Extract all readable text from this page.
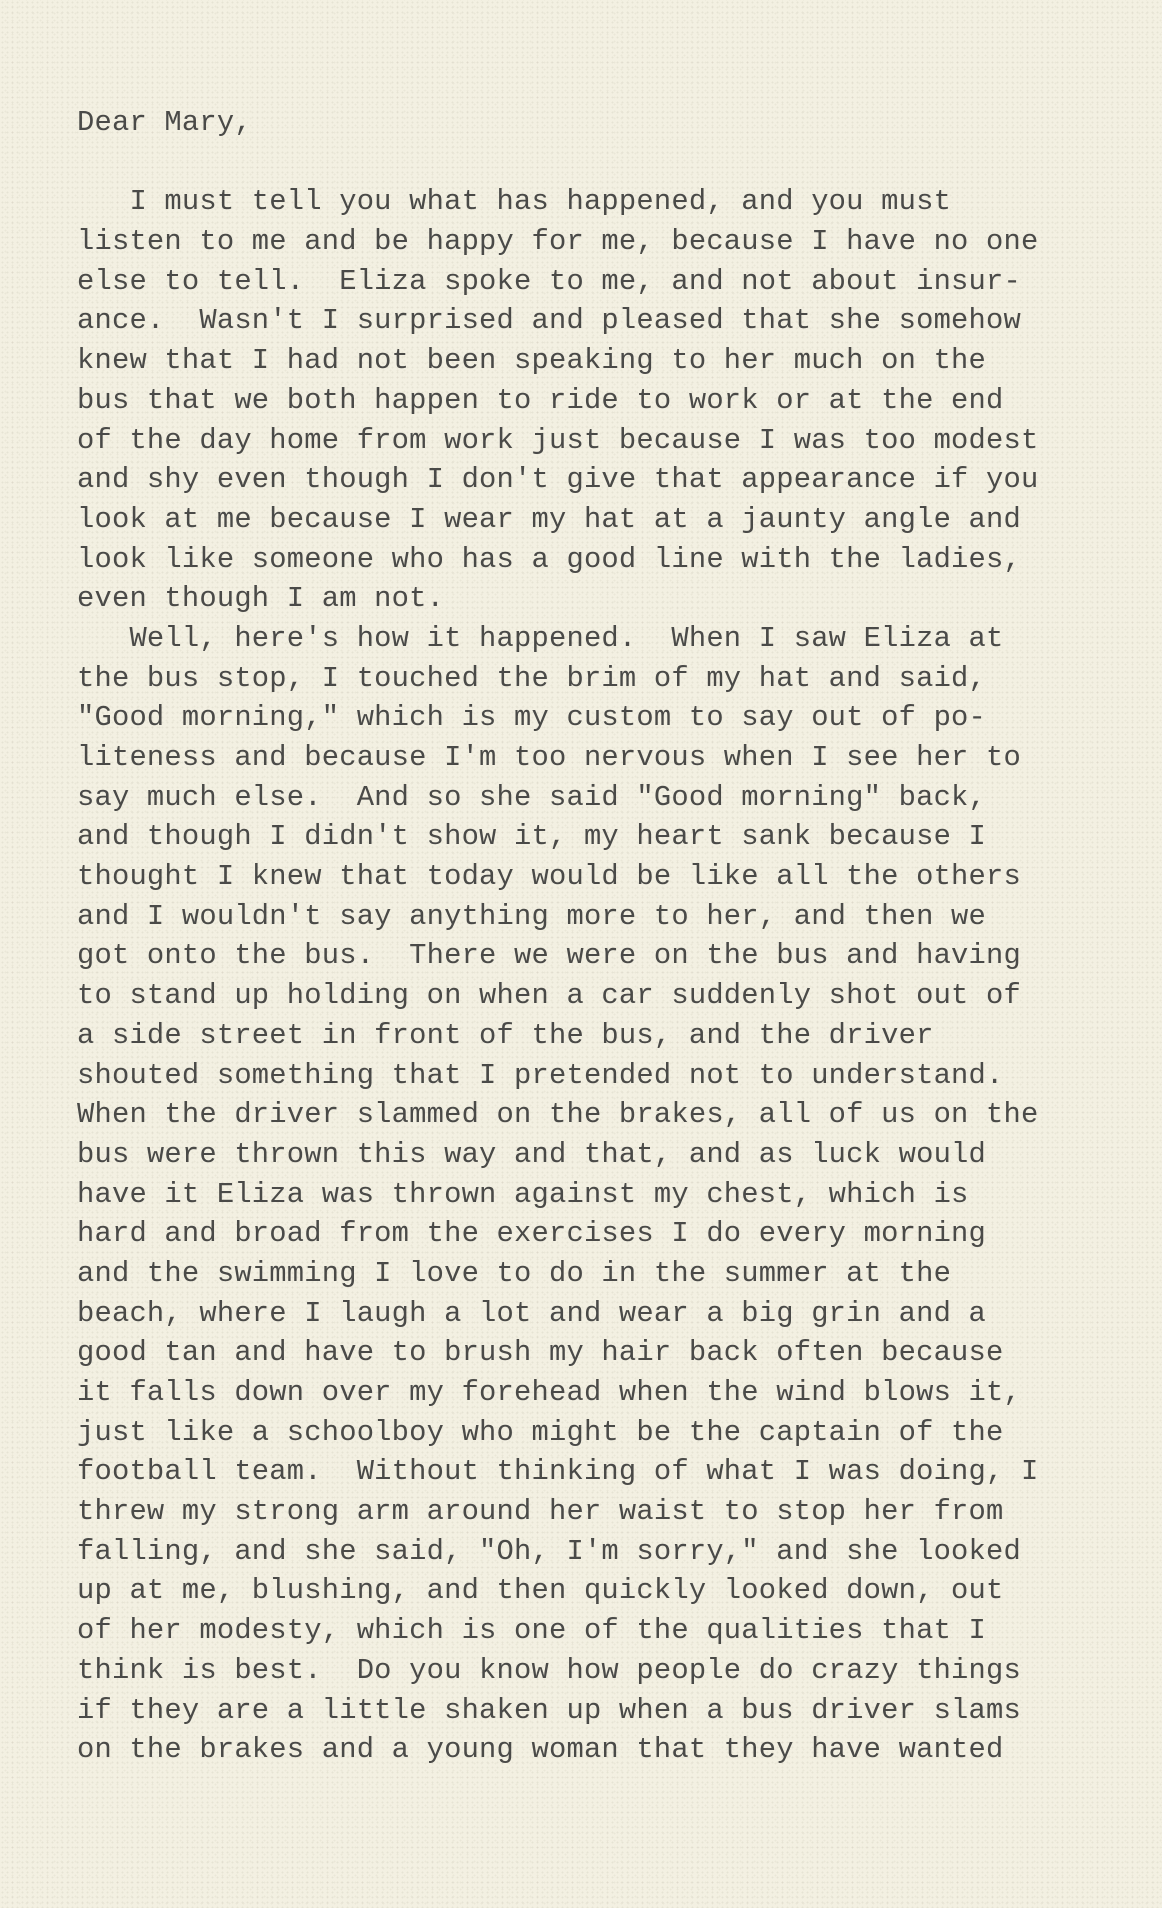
Dear Mary,
I must tell you what has happened, and you must
listen to me and be happy for me, because I have no one
else to tell.  Eliza spoke to me, and not about insur-
ance.  Wasn't I surprised and pleased that she somehow
knew that I had not been speaking to her much on the
bus that we both happen to ride to work or at the end
of the day home from work just because I was too modest
and shy even though I don't give that appearance if you
look at me because I wear my hat at a jaunty angle and
look like someone who has a good line with the ladies,
even though I am not.
Well, here's how it happened.  When I saw Eliza at
the bus stop, I touched the brim of my hat and said,
"Good morning," which is my custom to say out of po-
liteness and because I'm too nervous when I see her to
say much else.  And so she said "Good morning" back,
and though I didn't show it, my heart sank because I
thought I knew that today would be like all the others
and I wouldn't say anything more to her, and then we
got onto the bus.  There we were on the bus and having
to stand up holding on when a car suddenly shot out of
a side street in front of the bus, and the driver
shouted something that I pretended not to understand.
When the driver slammed on the brakes, all of us on the
bus were thrown this way and that, and as luck would
have it Eliza was thrown against my chest, which is
hard and broad from the exercises I do every morning
and the swimming I love to do in the summer at the
beach, where I laugh a lot and wear a big grin and a
good tan and have to brush my hair back often because
it falls down over my forehead when the wind blows it,
just like a schoolboy who might be the captain of the
football team.  Without thinking of what I was doing, I
threw my strong arm around her waist to stop her from
falling, and she said, "Oh, I'm sorry," and she looked
up at me, blushing, and then quickly looked down, out
of her modesty, which is one of the qualities that I
think is best.  Do you know how people do crazy things
if they are a little shaken up when a bus driver slams
on the brakes and a young woman that they have wanted
